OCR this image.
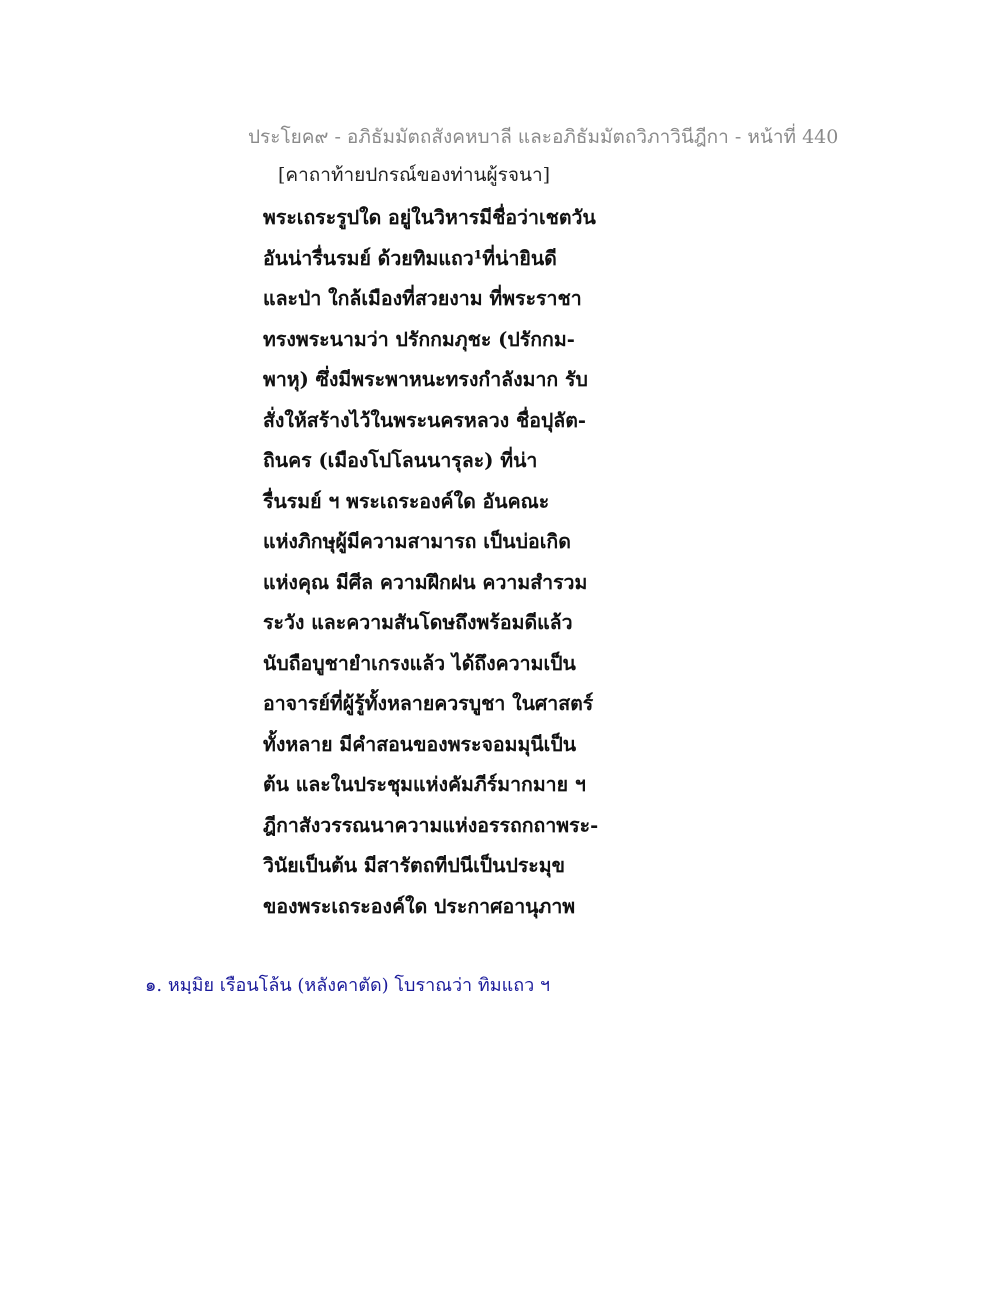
ประโยค๙ - อภิธัมมัตถสังคหบาลี และอภิธัมมัตถวิภาวินีฎีกา - หน้าที่ 440
[คาถาท้ายปกรณ์ของท่านผู้รจนา]
พระเถระรูปใด อยู่ในวิหารมีชื่อว่าเชตวัน
อันน่ารื่นรมย์ ด้วยทิมแถว¹ที่น่ายินดี
และป่า ใกล้เมืองที่สวยงาม ที่พระราชา
ทรงพระนามว่า ปรักกมภุชะ (ปรักกม-
พาหุ) ซึ่งมีพระพาหนะทรงกำลังมาก รับ
สั่งให้สร้างไว้ในพระนครหลวง ชื่อปุลัต-
ถินคร (เมืองโปโลนนารุละ) ที่น่า
รื่นรมย์ ฯ พระเถระองค์ใด อันคณะ
แห่งภิกษุผู้มีความสามารถ เป็นบ่อเกิด
แห่งคุณ มีศีล ความฝึกฝน ความสำรวม
ระวัง และความสันโดษถึงพร้อมดีแล้ว
นับถือบูชายำเกรงแล้ว ได้ถึงความเป็น
อาจารย์ที่ผู้รู้ทั้งหลายควรบูชา ในศาสตร์
ทั้งหลาย มีคำสอนของพระจอมมุนีเป็น
ต้น และในประชุมแห่งคัมภีร์มากมาย ฯ
ฎีกาสังวรรณนาความแห่งอรรถกถาพระ-
วินัยเป็นต้น มีสารัตถทีปนีเป็นประมุข
ของพระเถระองค์ใด ประกาศอานุภาพ
๑. หมฺมิย เรือนโล้น (หลังคาตัด) โบราณว่า ทิมแถว ฯ
